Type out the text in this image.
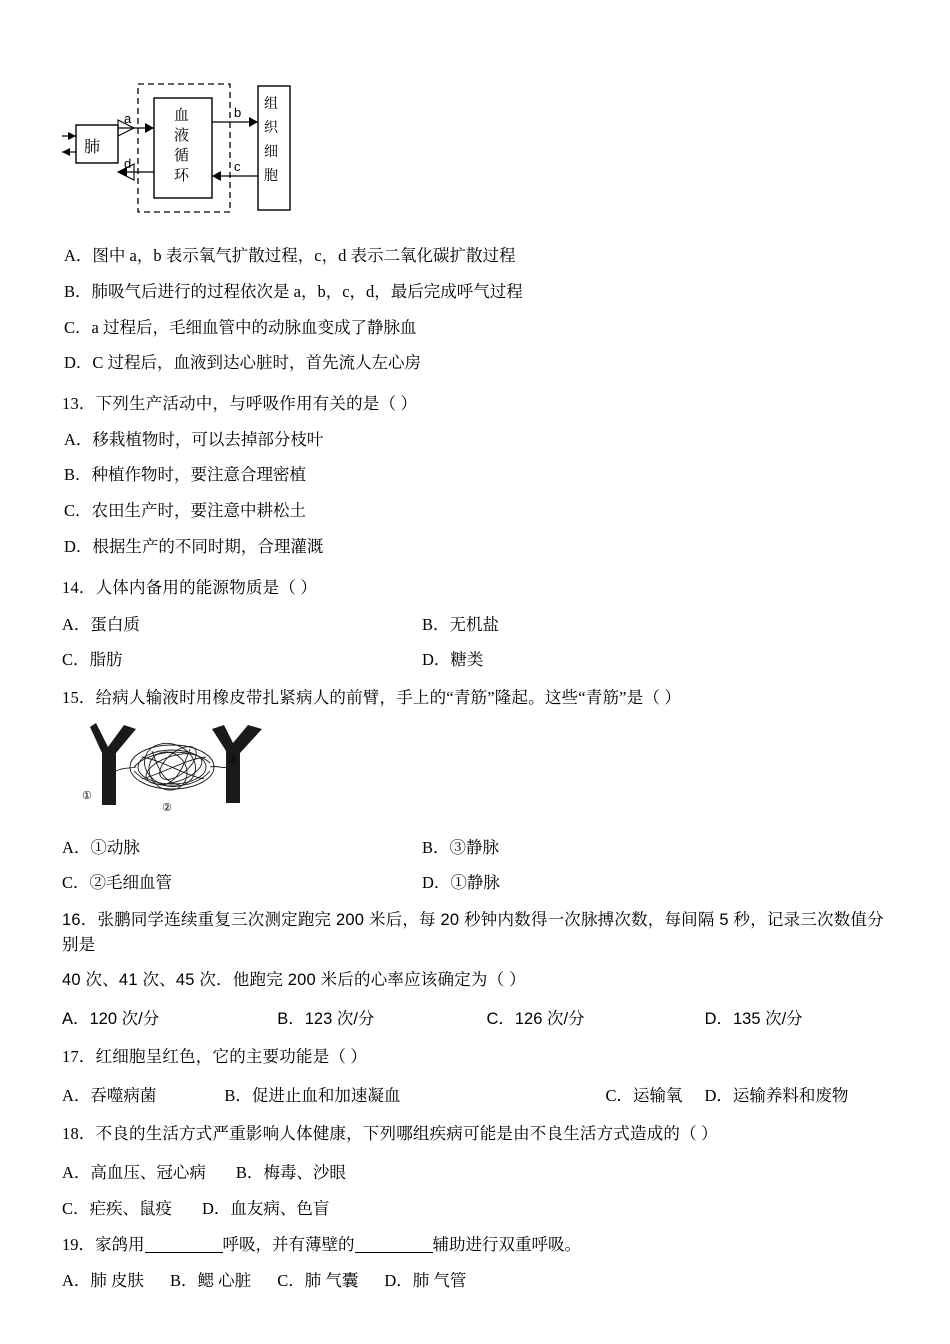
血
液
循
环
肺
组
织
细
胞
a
d
b
c
A．图中 a，b 表示氧气扩散过程，c，d 表示二氧化碳扩散过程
B．肺吸气后进行的过程依次是 a，b，c，d，最后完成呼气过程
C．a 过程后，毛细血管中的动脉血变成了静脉血
D．C 过程后，血液到达心脏时，首先流人左心房
13．下列生产活动中，与呼吸作用有关的是（ ）
A．移栽植物时，可以去掉部分枝叶
B．种植作物时，要注意合理密植
C．农田生产时，要注意中耕松土
D．根据生产的不同时期，合理灌溉
14．人体内备用的能源物质是（ ）
A．蛋白质	B．无机盐
C．脂肪	D．糖类
15．给病人输液时用橡皮带扎紧病人的前臂，手上的“青筋”隆起。这些“青筋”是（ ）
①
②
③
A．①动脉	B．③静脉
C．②毛细血管	D．①静脉
16．张鹏同学连续重复三次测定跑完 200 米后，每 20 秒钟内数得一次脉搏次数，每间隔 5 秒，记录三次数值分别是
40 次、41 次、45 次．他跑完 200 米后的心率应该确定为（ ）
A．120 次/分	B．123 次/分	C．126 次/分	D．135 次/分
17．红细胞呈红色，它的主要功能是（ ）
A．吞噬病菌	B．促进止血和加速凝血	C．运输氧 D．运输养料和废物
18．不良的生活方式严重影响人体健康，下列哪组疾病可能是由不良生活方式造成的（ ）
A．高血压、冠心病 B．梅毒、沙眼
C．疟疾、鼠疫 D．血友病、色盲
19．家鸽用	呼吸，并有薄壁的	辅助进行双重呼吸。
A．肺 皮肤 B．鳃 心脏 C．肺 气囊 D．肺 气管
